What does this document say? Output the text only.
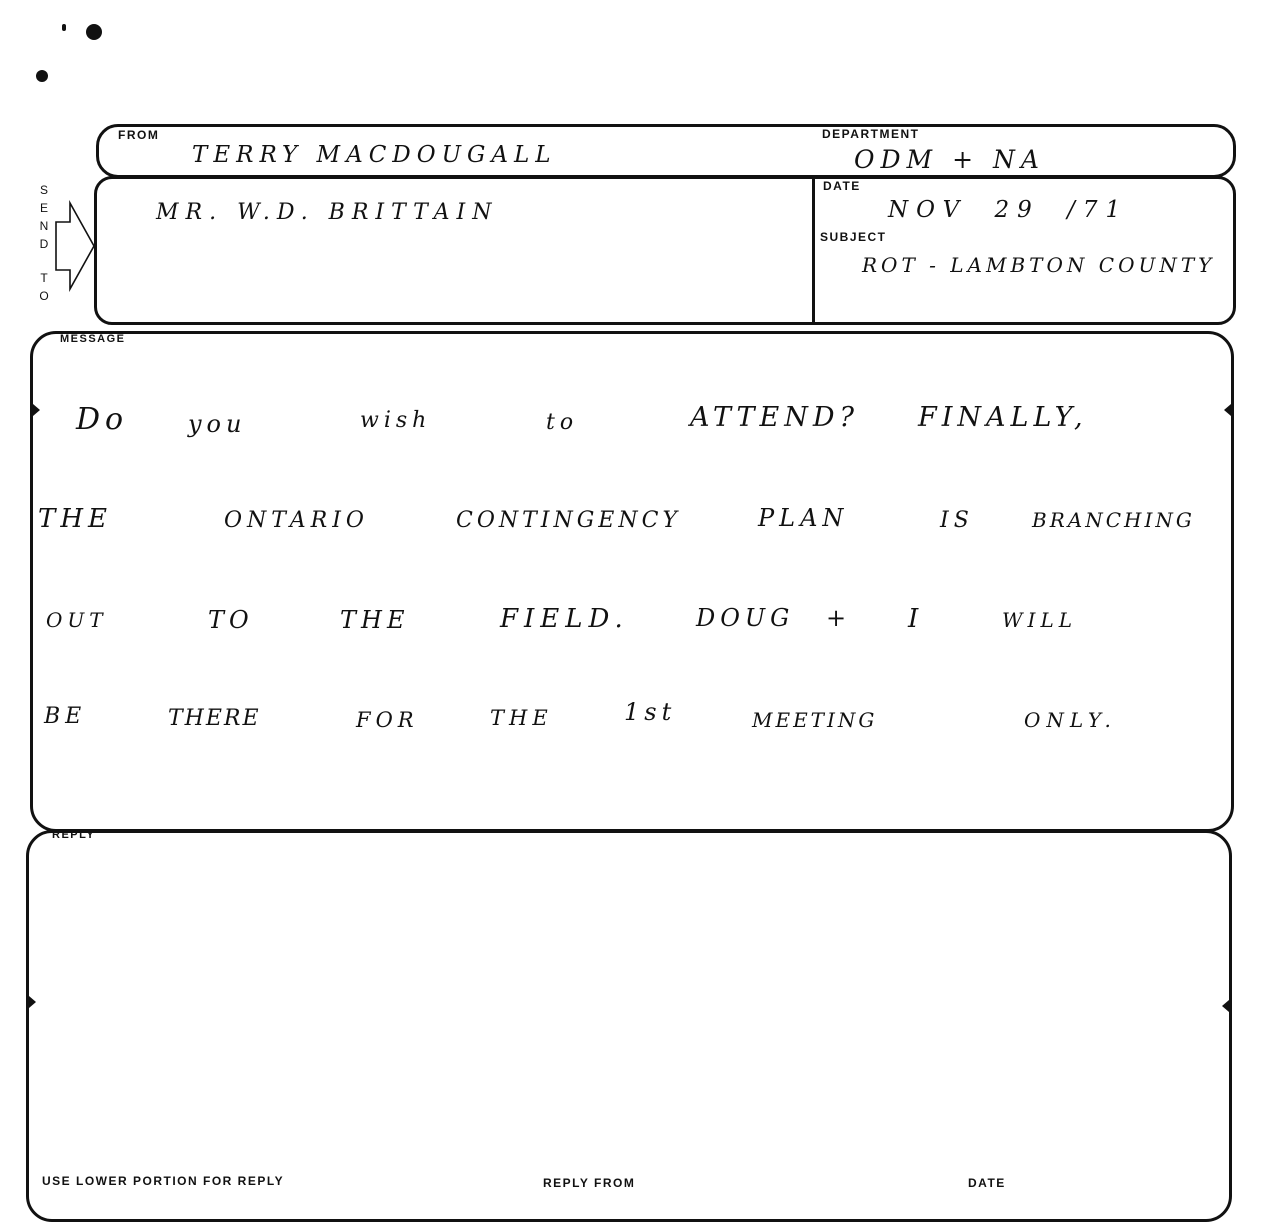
FROM
TERRY MACDOUGALL
DEPARTMENT
ODM + NA
S
E
N
D
T
O
MR. W.D. BRITTAIN
DATE
NOV 29 /71
SUBJECT
ROT - LAMBTON COUNTY
MESSAGE
Do you	wish	to	ATTEND? FINALLY,
THE	ONTARIO	CONTINGENCY	PLAN	IS	BRANCHING
OUT	TO	THE	FIELD.	DOUG + I	WILL
BE	THERE	FOR	THE	1st	MEETING	ONLY.
REPLY
USE LOWER PORTION FOR REPLY	REPLY FROM	DATE
